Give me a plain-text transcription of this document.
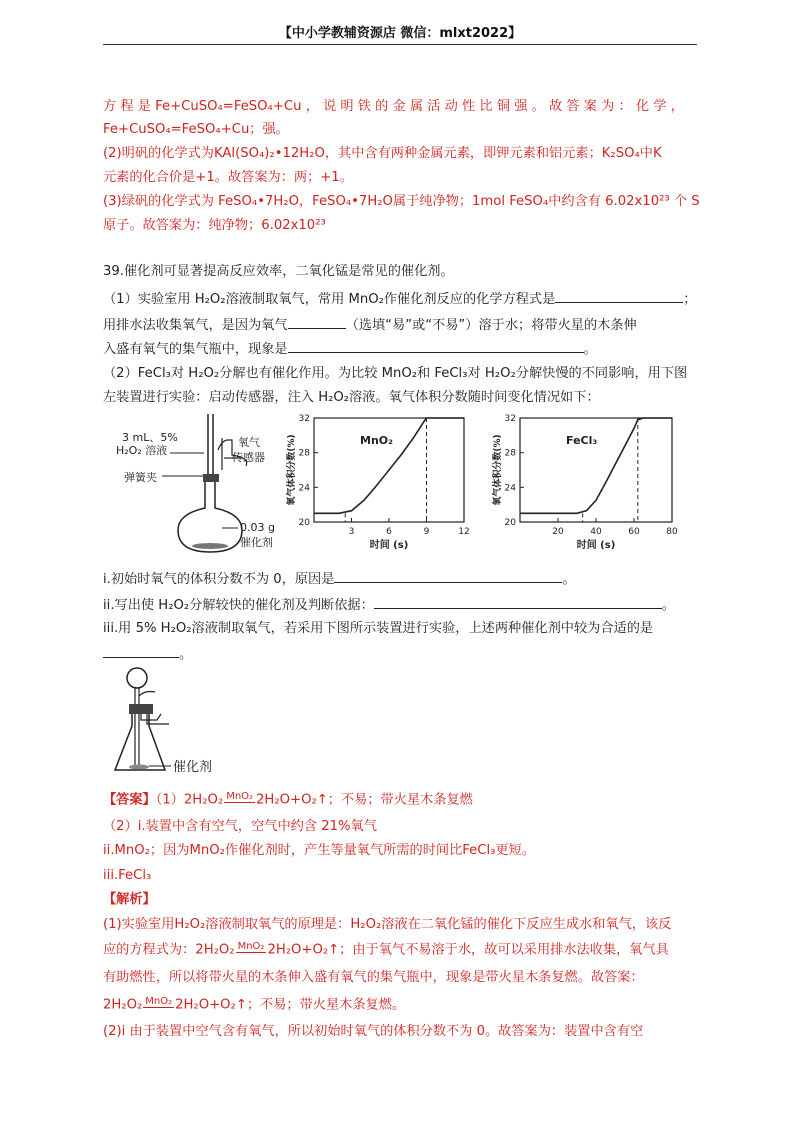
【中小学教辅资源店 微信：mlxt2022】
方 程 是 Fe+CuSO₄=FeSO₄+Cu ， 说 明 铁 的 金 属 活 动 性 比 铜 强 。 故 答 案 为 ： 化 学 ，
Fe+CuSO₄=FeSO₄+Cu；强。
(2)明矾的化学式为KAl(SO₄)₂•12H₂O，其中含有两种金属元素，即钾元素和铝元素；K₂SO₄中K
元素的化合价是+1。故答案为：两；+1。
(3)绿矾的化学式为 FeSO₄•7H₂O，FeSO₄•7H₂O属于纯净物；1mol FeSO₄中约含有 6.02x10²³ 个 S
原子。故答案为：纯净物；6.02x10²³
39.催化剂可显著提高反应效率，二氧化锰是常见的催化剂。
（1）实验室用 H₂O₂溶液制取氧气，常用 MnO₂作催化剂反应的化学方程式是	；
用排水法收集氧气，是因为氧气	（选填“易”或“不易”）溶于水；将带火星的木条伸
入盛有氧气的集气瓶中，现象是	。
（2）FeCl₃对 H₂O₂分解也有催化作用。为比较 MnO₂和 FeCl₃对 H₂O₂分解快慢的不同影响，用下图
左装置进行实验：启动传感器，注入 H₂O₂溶液。氧气体积分数随时间变化情况如下：
3 mL、5%
H₂O₂ 溶液
氧气
传感器
弹簧夹
0.03 g
催化剂
20
24
28
32
3	6	9	12
时间 (s)
氧气体积分数(%)	MnO₂
20
24
28
32
20	40	60	80
时间 (s)
氧气体积分数(%)	FeCl₃
i.初始时氧气的体积分数不为 0，原因是	。
ii.写出使 H₂O₂分解较快的催化剂及判断依据：	。
iii.用 5% H₂O₂溶液制取氧气，若采用下图所示装置进行实验，上述两种催化剂中较为合适的是
。
催化剂
【答案】（1）2H₂O₂ MnO₂ 2H₂O+O₂↑；不易；带火星木条复燃
（2）i.装置中含有空气，空气中约含 21%氧气
ii.MnO₂；因为MnO₂作催化剂时，产生等量氧气所需的时间比FeCl₃更短。
iii.FeCl₃
【解析】
(1)实验室用H₂O₂溶液制取氧气的原理是：H₂O₂溶液在二氧化锰的催化下反应生成水和氧气，该反
应的方程式为：2H₂O₂ MnO₂ 2H₂O+O₂↑；由于氧气不易溶于水，故可以采用排水法收集，氧气具
有助燃性，所以将带火星的木条伸入盛有氧气的集气瓶中，现象是带火星木条复燃。故答案：
2H₂O₂ MnO₂ 2H₂O+O₂↑；不易；带火星木条复燃。
(2)i 由于装置中空气含有氧气，所以初始时氧气的体积分数不为 0。故答案为：装置中含有空
